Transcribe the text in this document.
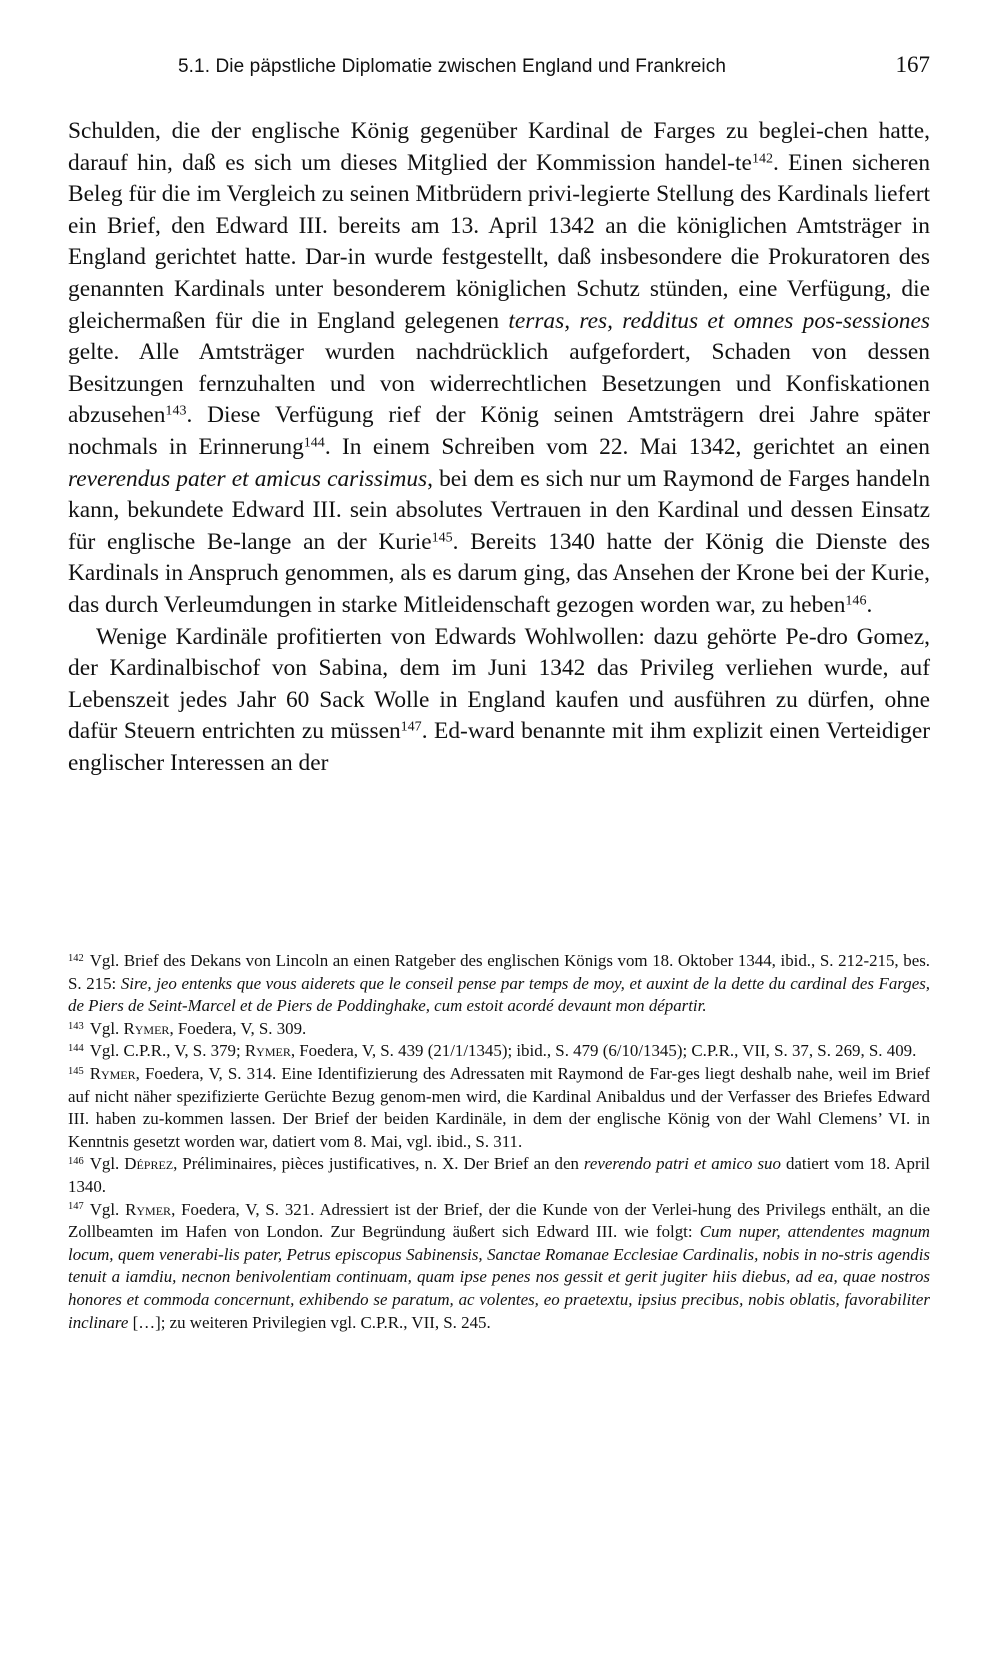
5.1. Die päpstliche Diplomatie zwischen England und Frankreich	167

Schulden, die der englische König gegenüber Kardinal de Farges zu beglei-chen hatte, darauf hin, daß es sich um dieses Mitglied der Kommission handel-$te^{142}$. Einen sicheren Beleg für die im Vergleich zu seinen Mitbrüdern privi-legierte Stellung des Kardinals liefert ein Brief, den Edward III. bereits am 13. April 1342 an die königlichen Amtsträger in England gerichtet hatte. Dar-in wurde festgestellt, daß insbesondere die Prokuratoren des genannten Kardinals unter besonderem königlichen Schutz stünden, eine Verfügung, die gleichermaßen für die in England gelegenen terras, res, redditus et omnes pos-sessiones gelte. Alle Amtsträger wurden nachdrücklich aufgefordert, Schaden von dessen Besitzungen fernzuhalten und von widerrechtlichen Besetzungen und Konfiskationen abzusehen$^{143}$. Diese Verfügung rief der König seinen Amtsträgern drei Jahre später nochmals in Erinnerung$^{144}$. In einem Schreiben vom 22. Mai 1342, gerichtet an einen reverendus pater et amicus carissimus, bei dem es sich nur um Raymond de Farges handeln kann, bekundete Edward III. sein absolutes Vertrauen in den Kardinal und dessen Einsatz für englische Be-lange an der Kurie$^{145}$. Bereits 1340 hatte der König die Dienste des Kardinals in Anspruch genommen, als es darum ging, das Ansehen der Krone bei der Kurie, das durch Verleumdungen in starke Mitleidenschaft gezogen worden war, zu heben$^{146}$.

Wenige Kardinäle profitierten von Edwards Wohlwollen: dazu gehörte Pe-dro Gomez, der Kardinalbischof von Sabina, dem im Juni 1342 das Privileg verliehen wurde, auf Lebenszeit jedes Jahr 60 Sack Wolle in England kaufen und ausführen zu dürfen, ohne dafür Steuern entrichten zu müssen$^{147}$. Ed-ward benannte mit ihm explizit einen Verteidiger englischer Interessen an der

$^{142}$ Vgl. Brief des Dekans von Lincoln an einen Ratgeber des englischen Königs vom 18. Oktober 1344, ibid., S. 212-215, bes. S. 215: Sire, jeo entenks que vous aiderets que le conseil pense par temps de moy, et auxint de la dette du cardinal des Farges, de Piers de Seint-Marcel et de Piers de Poddinghake, cum estoit acordé devaunt mon départir.

$^{143}$ Vgl. Rymer, Foedera, V, S. 309.

$^{144}$ Vgl. C.P.R., V, S. 379; Rymer, Foedera, V, S. 439 (21/1/1345); ibid., S. 479 (6/10/1345); C.P.R., VII, S. 37, S. 269, S. 409.

$^{145}$ Rymer, Foedera, V, S. 314. Eine Identifizierung des Adressaten mit Raymond de Far-ges liegt deshalb nahe, weil im Brief auf nicht näher spezifizierte Gerüchte Bezug genom-men wird, die Kardinal Anibaldus und der Verfasser des Briefes Edward III. haben zu-kommen lassen. Der Brief der beiden Kardinäle, in dem der englische König von der Wahl Clemens’ VI. in Kenntnis gesetzt worden war, datiert vom 8. Mai, vgl. ibid., S. 311.

$^{146}$ Vgl. Déprez, Préliminaires, pièces justificatives, n. X. Der Brief an den reverendo patri et amico suo datiert vom 18. April 1340.

$^{147}$ Vgl. Rymer, Foedera, V, S. 321. Adressiert ist der Brief, der die Kunde von der Verlei-hung des Privilegs enthält, an die Zollbeamten im Hafen von London. Zur Begründung äußert sich Edward III. wie folgt: Cum nuper, attendentes magnum locum, quem venerabi-lis pater, Petrus episcopus Sabinensis, Sanctae Romanae Ecclesiae Cardinalis, nobis in no-stris agendis tenuit a iamdiu, necnon benivolentiam continuam, quam ipse penes nos gessit et gerit jugiter hiis diebus, ad ea, quae nostros honores et commoda concernunt, exhibendo se paratum, ac volentes, eo praetextu, ipsius precibus, nobis oblatis, favorabiliter inclinare […]; zu weiteren Privilegien vgl. C.P.R., VII, S. 245.
